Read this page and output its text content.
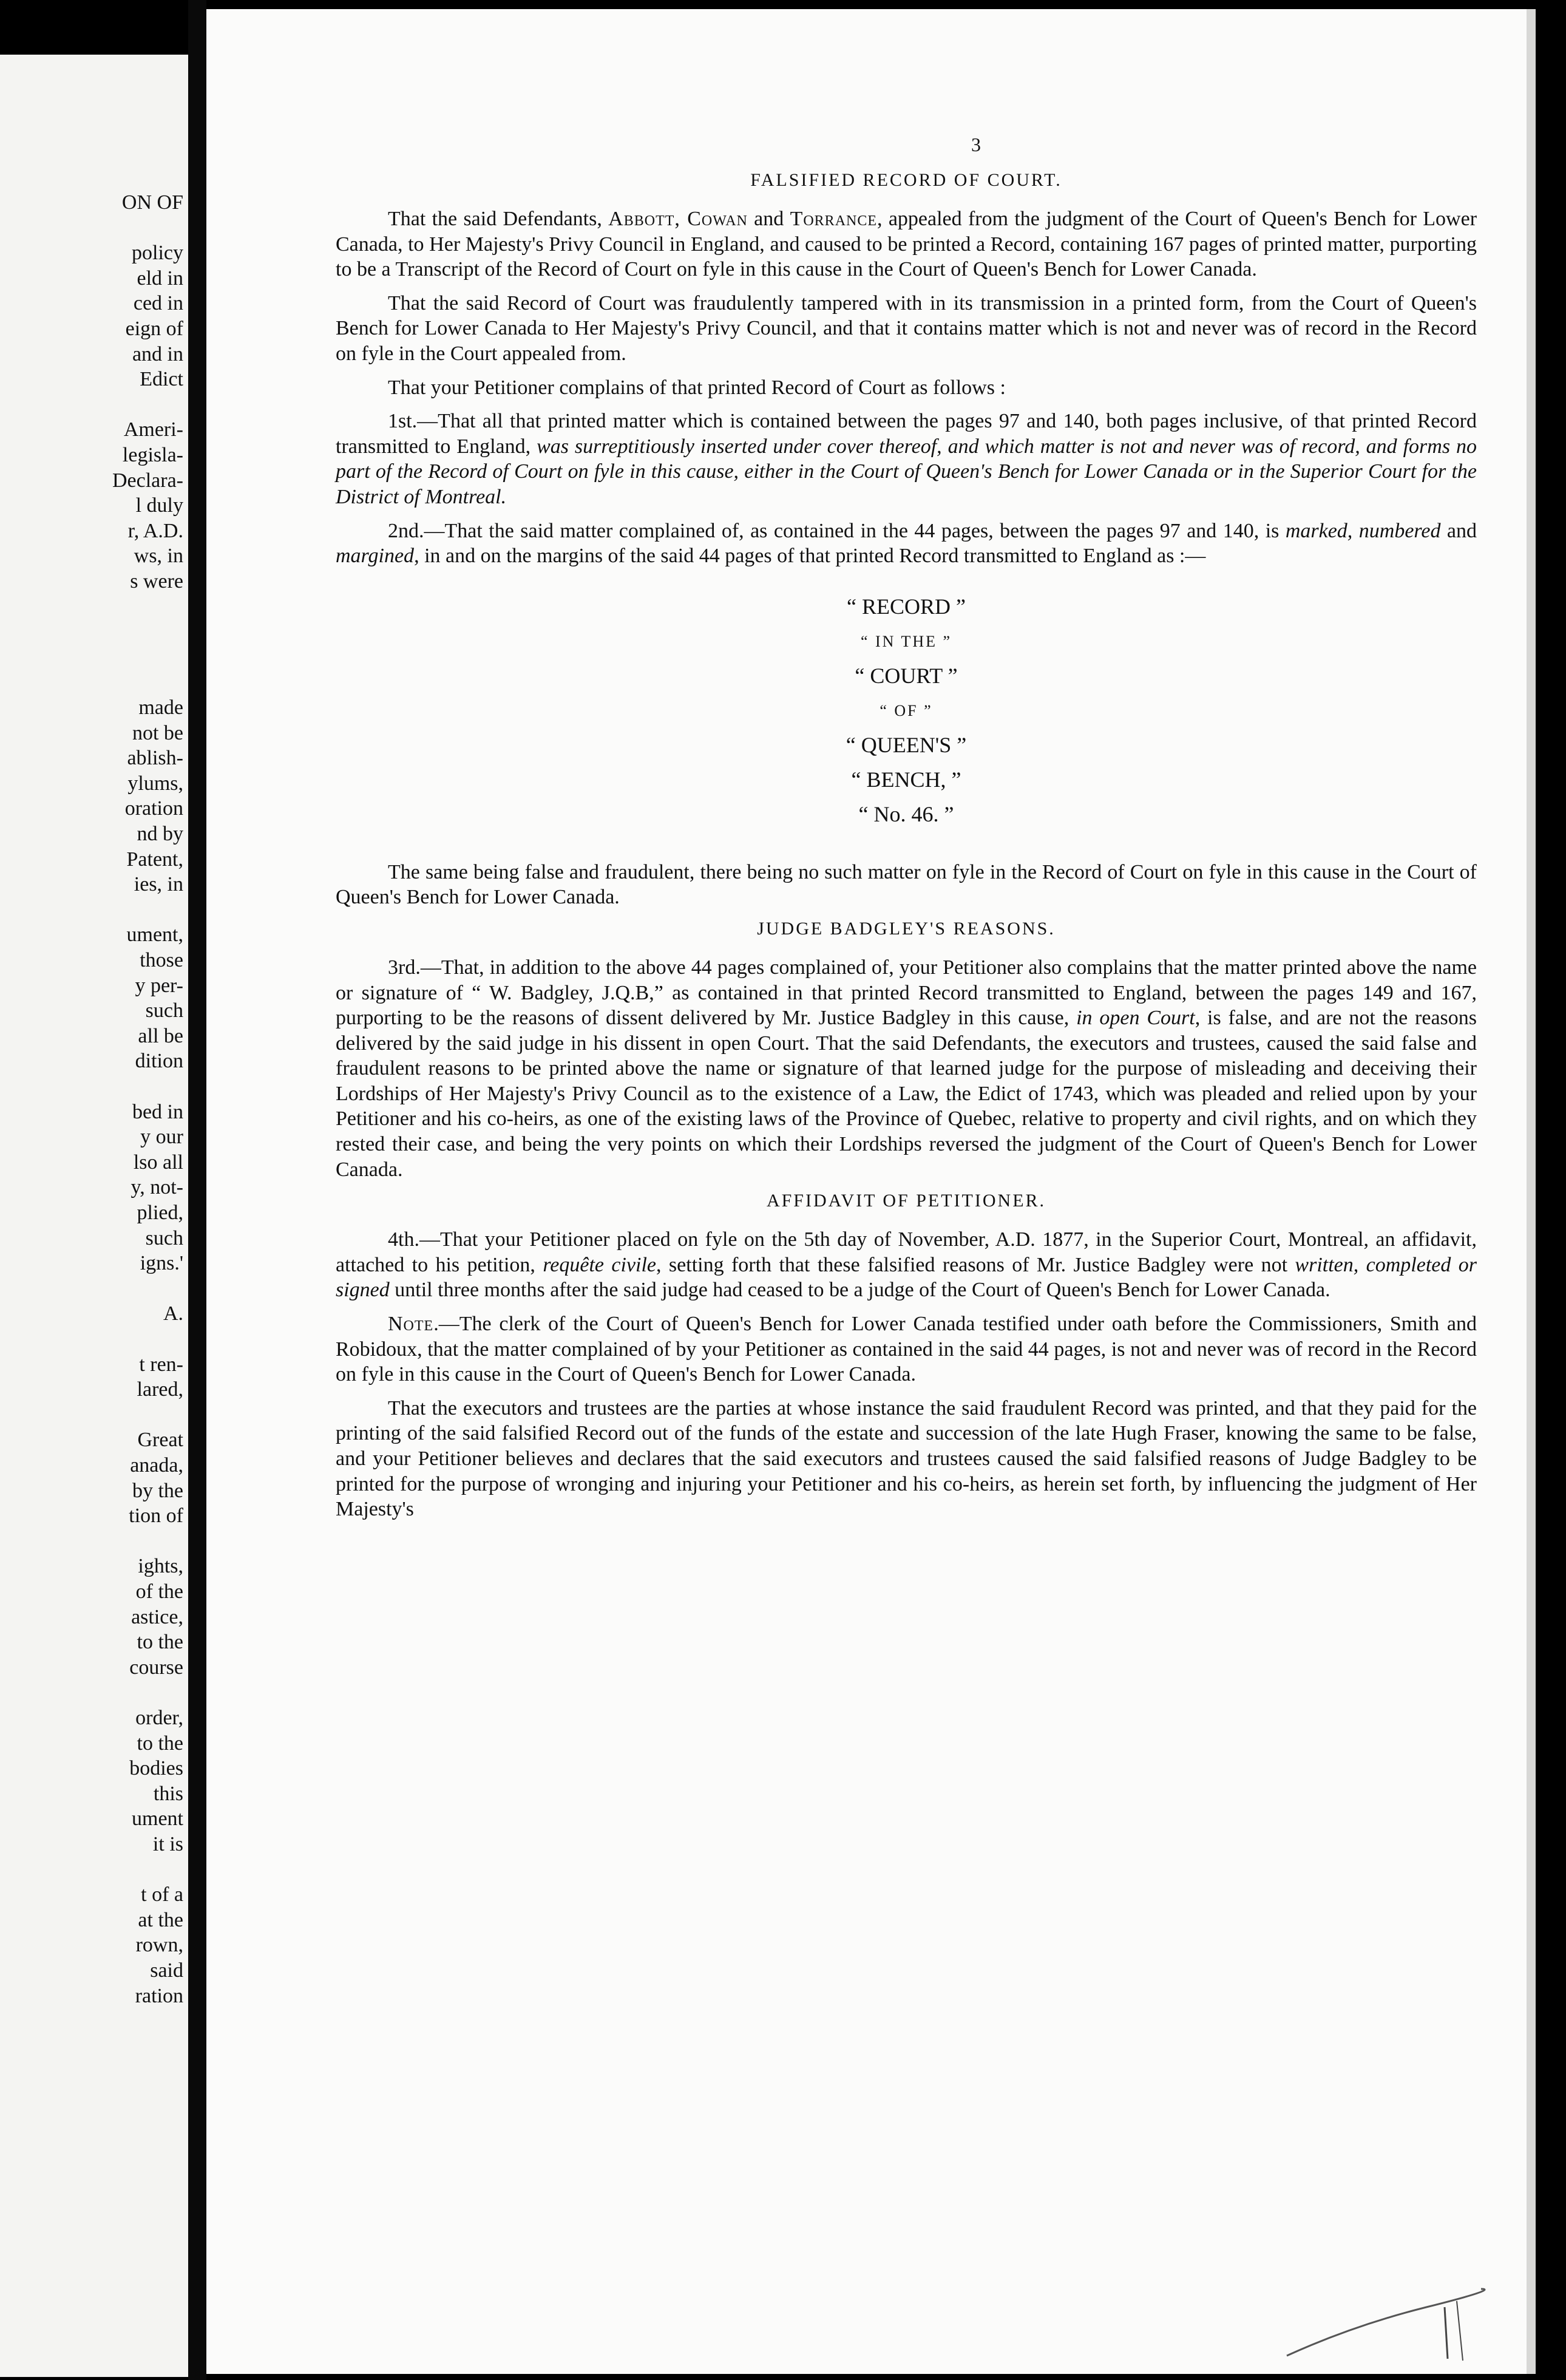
ON OF
policy
eld in
ced in
eign of
and in
Edict
Ameri-
legisla-
Declara-
l duly
r, A.D.
ws, in
s were
made
not be
ablish-
ylums,
oration
nd by
Patent,
ies, in
ument,
those
y per-
such
all be
dition
bed in
y our
lso all
y, not-
plied,
such
igns.'
A.
t ren-
lared,
Great
anada,
by the
tion of
ights,
of the
astice,
to the
course
order,
to the
bodies
this
ument
it is
t of a
at the
rown,
said
ration
3
FALSIFIED RECORD OF COURT.

That the said Defendants, Abbott, Cowan and Torrance, appealed from the judgment of the Court of Queen's Bench for Lower Canada, to Her Majesty's Privy Council in England, and caused to be printed a Record, containing 167 pages of printed matter, purporting to be a Transcript of the Record of Court on fyle in this cause in the Court of Queen's Bench for Lower Canada.

That the said Record of Court was fraudulently tampered with in its transmission in a printed form, from the Court of Queen's Bench for Lower Canada to Her Majesty's Privy Council, and that it contains matter which is not and never was of record in the Record on fyle in the Court appealed from.

That your Petitioner complains of that printed Record of Court as follows :

1st.—That all that printed matter which is contained between the pages 97 and 140, both pages inclusive, of that printed Record transmitted to England, was surreptitiously inserted under cover thereof, and which matter is not and never was of record, and forms no part of the Record of Court on fyle in this cause, either in the Court of Queen's Bench for Lower Canada or in the Superior Court for the District of Montreal.

2nd.—That the said matter complained of, as contained in the 44 pages, between the pages 97 and 140, is marked, numbered and margined, in and on the margins of the said 44 pages of that printed Record transmitted to England as :—

“ RECORD ”
“ IN THE ”
“ COURT ”
“ OF ”
“ QUEEN'S ”
“ BENCH, ”
“ No. 46. ”

The same being false and fraudulent, there being no such matter on fyle in the Record of Court on fyle in this cause in the Court of Queen's Bench for Lower Canada.

JUDGE BADGLEY'S REASONS.

3rd.—That, in addition to the above 44 pages complained of, your Petitioner also complains that the matter printed above the name or signature of “ W. Badgley, J.Q.B,” as contained in that printed Record transmitted to England, between the pages 149 and 167, purporting to be the reasons of dissent delivered by Mr. Justice Badgley in this cause, in open Court, is false, and are not the reasons delivered by the said judge in his dissent in open Court. That the said Defendants, the executors and trustees, caused the said false and fraudulent reasons to be printed above the name or signature of that learned judge for the purpose of misleading and deceiving their Lordships of Her Majesty's Privy Council as to the existence of a Law, the Edict of 1743, which was pleaded and relied upon by your Petitioner and his co-heirs, as one of the existing laws of the Province of Quebec, relative to property and civil rights, and on which they rested their case, and being the very points on which their Lordships reversed the judgment of the Court of Queen's Bench for Lower Canada.

AFFIDAVIT OF PETITIONER.

4th.—That your Petitioner placed on fyle on the 5th day of November, A.D. 1877, in the Superior Court, Montreal, an affidavit, attached to his petition, requête civile, setting forth that these falsified reasons of Mr. Justice Badgley were not written, completed or signed until three months after the said judge had ceased to be a judge of the Court of Queen's Bench for Lower Canada.

Note.—The clerk of the Court of Queen's Bench for Lower Canada testified under oath before the Commissioners, Smith and Robidoux, that the matter complained of by your Petitioner as contained in the said 44 pages, is not and never was of record in the Record on fyle in this cause in the Court of Queen's Bench for Lower Canada.

That the executors and trustees are the parties at whose instance the said fraudulent Record was printed, and that they paid for the printing of the said falsified Record out of the funds of the estate and succession of the late Hugh Fraser, knowing the same to be false, and your Petitioner believes and declares that the said executors and trustees caused the said falsified reasons of Judge Badgley to be printed for the purpose of wronging and injuring your Petitioner and his co-heirs, as herein set forth, by influencing the judgment of Her Majesty's
